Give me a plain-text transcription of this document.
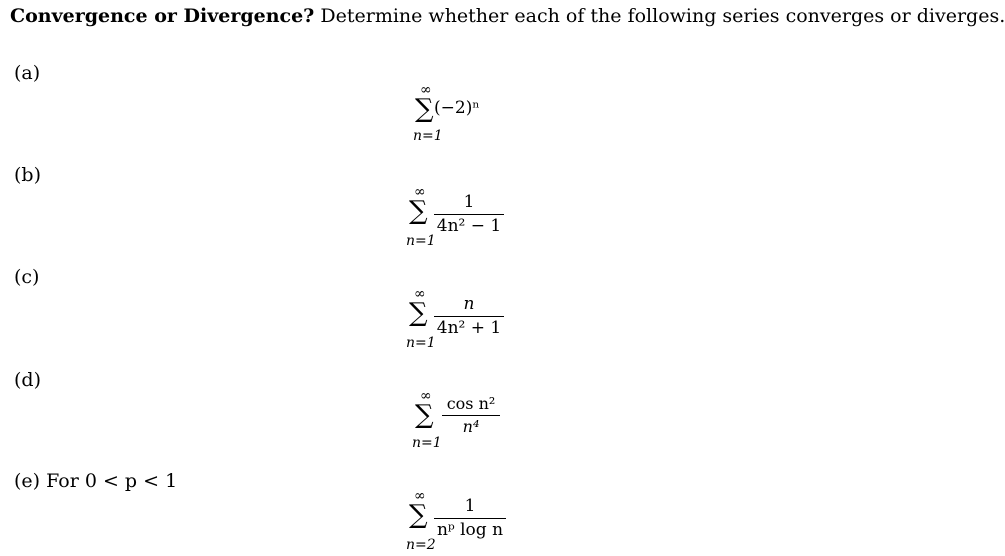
Convergence or Divergence? Determine whether each of the following series converges or diverges.
(a)
∞
∑ (−2)ⁿ
n=1
(b)
∞
∑	1
4n² − 1
n=1
(c)
∞
∑	n
4n² + 1
n=1
(d)
∞
∑ cos n²
n⁴
n=1
(e) For 0 < p < 1
∞
∑	1
nᵖ log n
n=2
